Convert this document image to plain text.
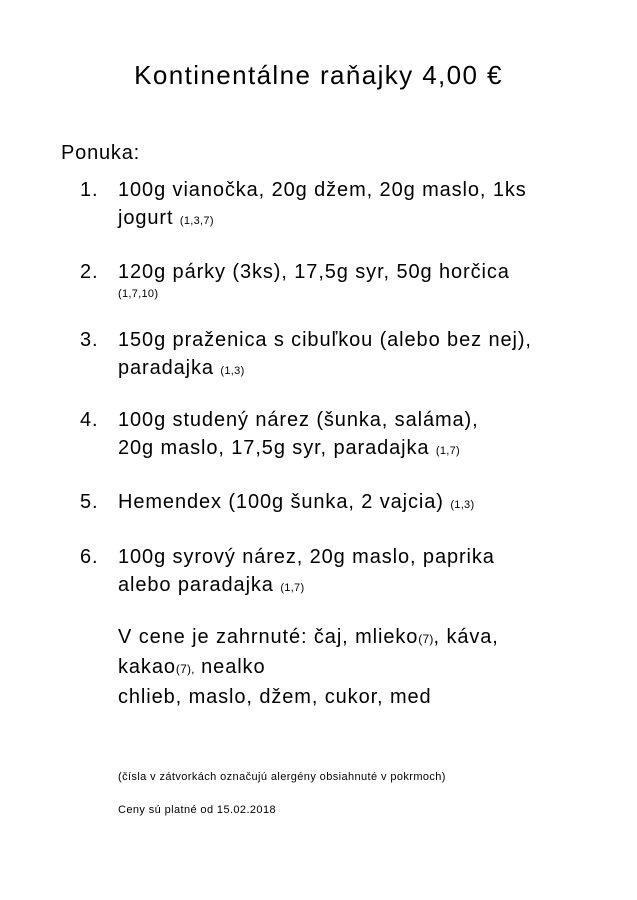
Kontinentálne raňajky 4,00 €
Ponuka:
1. 100g vianočka, 20g džem, 20g maslo, 1ks
jogurt (1,3,7)
2. 120g párky (3ks), 17,5g syr, 50g horčica
(1,7,10)
3. 150g praženica s cibuľkou (alebo bez nej),
paradajka (1,3)
4. 100g studený nárez (šunka, saláma),
20g maslo, 17,5g syr, paradajka (1,7)
5. Hemendex (100g šunka, 2 vajcia) (1,3)
6. 100g syrový nárez, 20g maslo, paprika
alebo paradajka (1,7)
V cene je zahrnuté: čaj, mlieko(7), káva,
kakao(7), nealko
chlieb, maslo, džem, cukor, med
(čísla v zátvorkách označujú alergény obsiahnuté v pokrmoch)
Ceny sú platné od 15.02.2018
